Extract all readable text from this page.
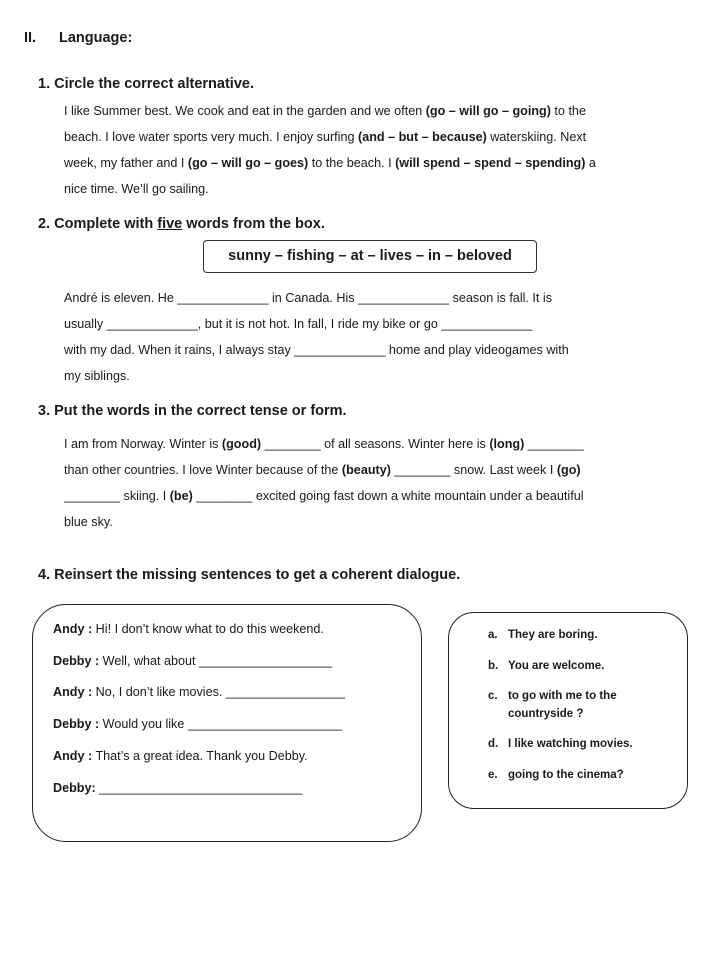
II. Language:
1. Circle the correct alternative.
I like Summer best. We cook and eat in the garden and we often (go – will go – going) to the
beach. I love water sports very much. I enjoy surfing (and – but – because) waterskiing. Next
week, my father and I (go – will go – goes) to the beach. I (will spend – spend – spending) a
nice time. We’ll go sailing.
2. Complete with five words from the box.
sunny – fishing – at – lives – in – beloved
André is eleven. He _____________ in Canada. His _____________ season is fall. It is
usually _____________, but it is not hot. In fall, I ride my bike or go _____________
with my dad. When it rains, I always stay _____________ home and play videogames with
my siblings.
3. Put the words in the correct tense or form.
I am from Norway. Winter is (good) ________ of all seasons. Winter here is (long) ________
than other countries. I love Winter because of the (beauty) ________ snow. Last week I (go)
________ skiing. I (be) ________ excited going fast down a white mountain under a beautiful
blue sky.
4. Reinsert the missing sentences to get a coherent dialogue.
Andy : Hi! I don’t know what to do this weekend.
Debby : Well, what about ___________________
Andy : No, I don’t like movies. _________________
Debby : Would you like ______________________
Andy : That’s a great idea. Thank you Debby.
Debby: _____________________________
a. They are boring.
b. You are welcome.
c. to go with me to the
countryside ?
d. I like watching movies.
e. going to the cinema?
